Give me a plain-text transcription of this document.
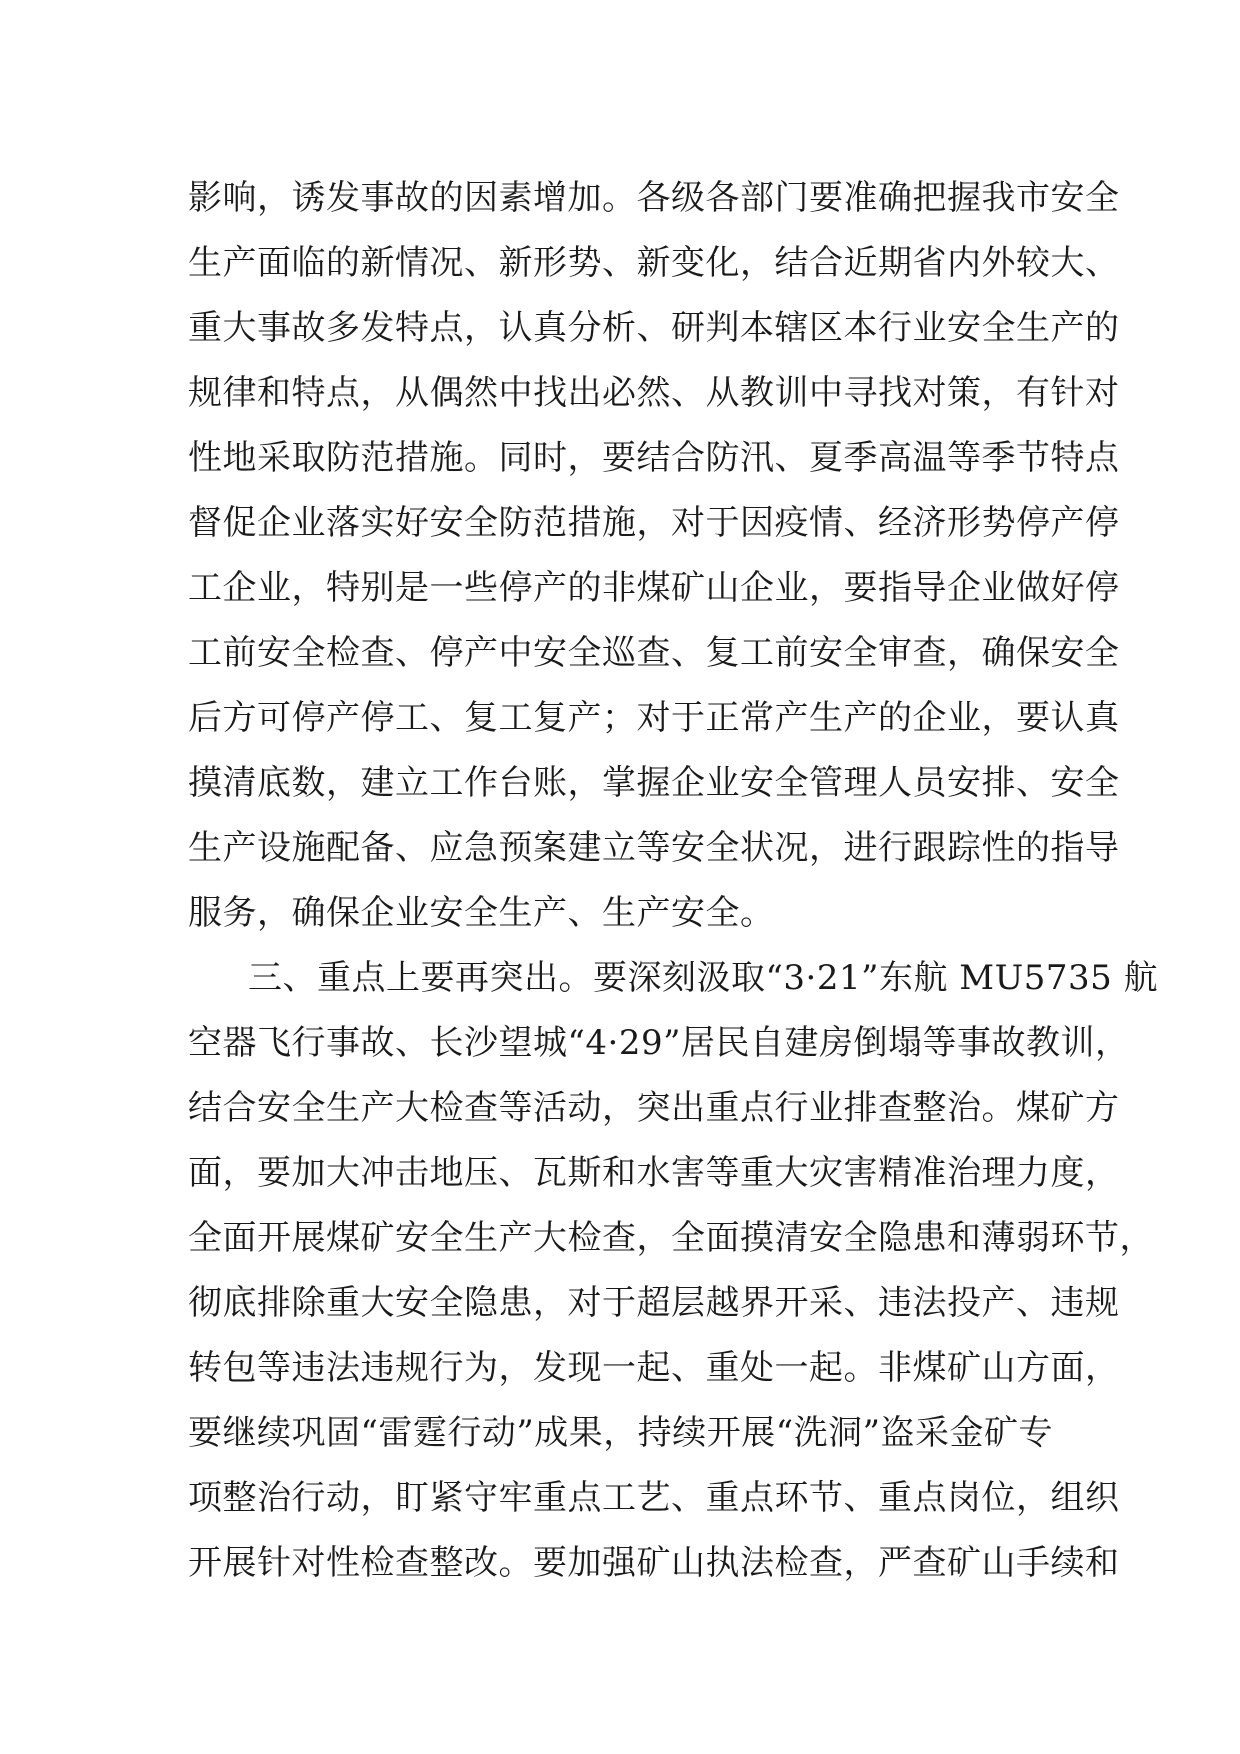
影响，诱发事故的因素增加。各级各部门要准确把握我市安全
生产面临的新情况、新形势、新变化，结合近期省内外较大、
重大事故多发特点，认真分析、研判本辖区本行业安全生产的
规律和特点，从偶然中找出必然、从教训中寻找对策，有针对
性地采取防范措施。同时，要结合防汛、夏季高温等季节特点
督促企业落实好安全防范措施，对于因疫情、经济形势停产停
工企业，特别是一些停产的非煤矿山企业，要指导企业做好停
工前安全检查、停产中安全巡查、复工前安全审查，确保安全
后方可停产停工、复工复产；对于正常产生产的企业，要认真
摸清底数，建立工作台账，掌握企业安全管理人员安排、安全
生产设施配备、应急预案建立等安全状况，进行跟踪性的指导
服务，确保企业安全生产、生产安全。
三、重点上要再突出。要深刻汲取“3·21”东航 MU5735 航
空器飞行事故、长沙望城“4·29”居民自建房倒塌等事故教训，
结合安全生产大检查等活动，突出重点行业排查整治。煤矿方
面，要加大冲击地压、瓦斯和水害等重大灾害精准治理力度，
全面开展煤矿安全生产大检查，全面摸清安全隐患和薄弱环节，
彻底排除重大安全隐患，对于超层越界开采、违法投产、违规
转包等违法违规行为，发现一起、重处一起。非煤矿山方面，
要继续巩固“雷霆行动”成果，持续开展“洗洞”盗采金矿专
项整治行动，盯紧守牢重点工艺、重点环节、重点岗位，组织
开展针对性检查整改。要加强矿山执法检查，严查矿山手续和
